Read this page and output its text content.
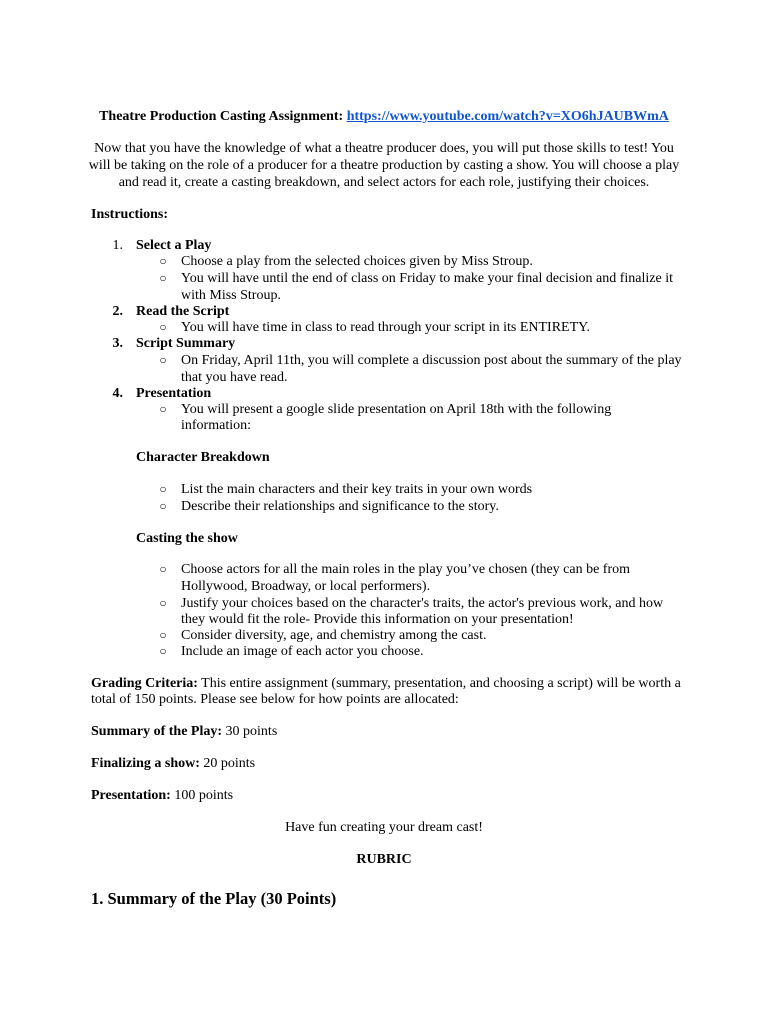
Theatre Production Casting Assignment: https://www.youtube.com/watch?v=XO6hJAUBWmA
Now that you have the knowledge of what a theatre producer does, you will put those skills to test! You
will be taking on the role of a producer for a theatre production by casting a show. You will choose a play
and read it, create a casting breakdown, and select actors for each role, justifying their choices.
Instructions:
1. Select a Play
○ Choose a play from the selected choices given by Miss Stroup.
○ You will have until the end of class on Friday to make your final decision and finalize it
with Miss Stroup.
2. Read the Script
○ You will have time in class to read through your script in its ENTIRETY.
3. Script Summary
○ On Friday, April 11th, you will complete a discussion post about the summary of the play
that you have read.
4. Presentation
○ You will present a google slide presentation on April 18th with the following
information:
Character Breakdown
○ List the main characters and their key traits in your own words
○ Describe their relationships and significance to the story.
Casting the show
○ Choose actors for all the main roles in the play you’ve chosen (they can be from
Hollywood, Broadway, or local performers).
○ Justify your choices based on the character's traits, the actor's previous work, and how
they would fit the role- Provide this information on your presentation!
○ Consider diversity, age, and chemistry among the cast.
○ Include an image of each actor you choose.
Grading Criteria: This entire assignment (summary, presentation, and choosing a script) will be worth a
total of 150 points. Please see below for how points are allocated:
Summary of the Play: 30 points
Finalizing a show: 20 points
Presentation: 100 points
Have fun creating your dream cast!
RUBRIC
1. Summary of the Play (30 Points)
